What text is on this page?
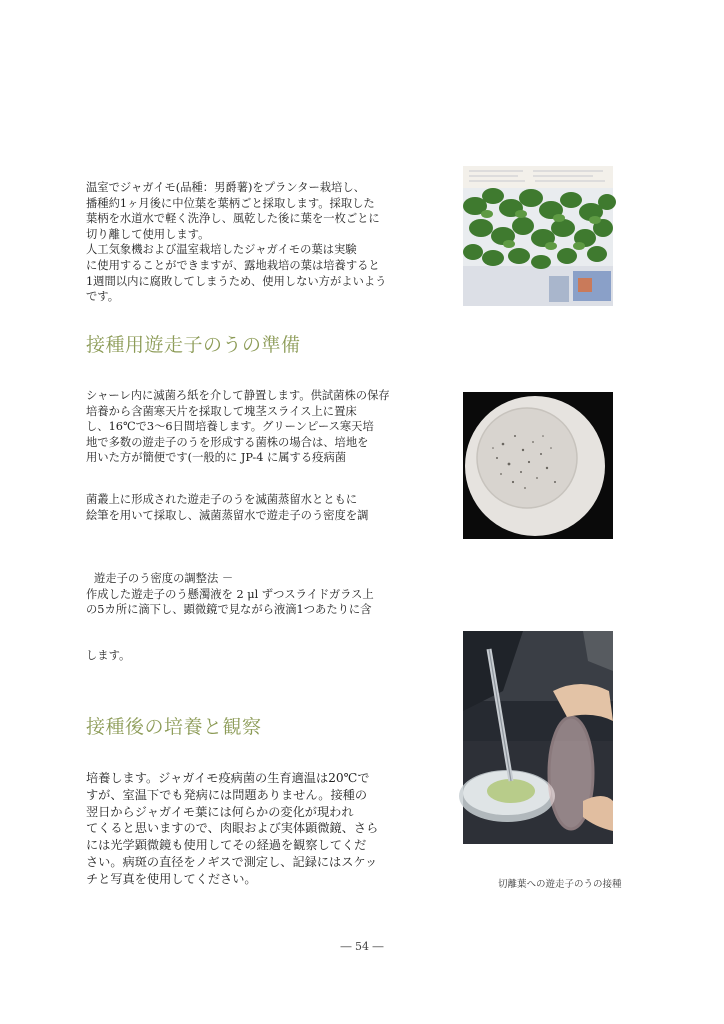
温室でジャガイモ(品種：男爵薯)をプランター栽培し、
播種約1ヶ月後に中位葉を葉柄ごと採取します。採取した
葉柄を水道水で軽く洗浄し、風乾した後に葉を一枚ごとに
切り離して使用します。
人工気象機および温室栽培したジャガイモの葉は実験
に使用することができますが、露地栽培の葉は培養すると
1週間以内に腐敗してしまうため、使用しない方がよいよう
です。
接種用遊走子のうの準備
シャーレ内に滅菌ろ紙を介して静置します。供試菌株の保存
培養から含菌寒天片を採取して塊茎スライス上に置床
し、16℃で3～6日間培養します。グリーンピース寒天培
地で多数の遊走子のうを形成する菌株の場合は、培地を
用いた方が簡便です(一般的に JP-4 に属する疫病菌
菌叢上に形成された遊走子のうを滅菌蒸留水とともに
絵筆を用いて採取し、滅菌蒸留水で遊走子のう密度を調
遊走子のう密度の調整法 －
作成した遊走子のう懸濁液を 2 μl ずつスライドガラス上
の5カ所に滴下し、顕微鏡で見ながら液滴1つあたりに含
します。
接種後の培養と観察
培養します。ジャガイモ疫病菌の生育適温は20℃で
すが、室温下でも発病には問題ありません。接種の
翌日からジャガイモ葉には何らかの変化が現われ
てくると思いますので、肉眼および実体顕微鏡、さら
には光学顕微鏡も使用してその経過を観察してくだ
さい。病斑の直径をノギスで測定し、記録にはスケッ
チと写真を使用してください。	切離葉への遊走子のうの接種
― 54 ―
